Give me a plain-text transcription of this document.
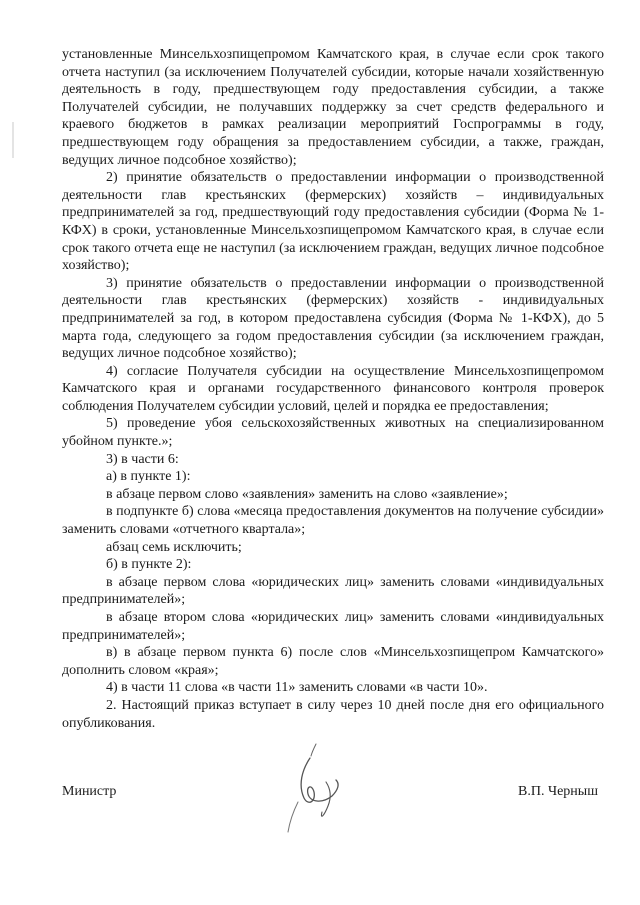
установленные Минсельхозпищепромом Камчатского края, в случае если срок такого отчета наступил (за исключением Получателей субсидии, которые начали хозяйственную деятельность в году, предшествующем году предоставления субсидии, а также Получателей субсидии, не получавших поддержку за счет средств федерального и краевого бюджетов в рамках реализации мероприятий Госпрограммы в году, предшествующем году обращения за предоставлением субсидии, а также, граждан, ведущих личное подсобное хозяйство);

2) принятие обязательств о предоставлении информации о производственной деятельности глав крестьянских (фермерских) хозяйств – индивидуальных предпринимателей за год, предшествующий году предоставления субсидии (Форма № 1-КФХ) в сроки, установленные Минсельхозпищепромом Камчатского края, в случае если срок такого отчета еще не наступил (за исключением граждан, ведущих личное подсобное хозяйство);

3) принятие обязательств о предоставлении информации о производственной деятельности глав крестьянских (фермерских) хозяйств - индивидуальных предпринимателей за год, в котором предоставлена субсидия (Форма № 1-КФХ), до 5 марта года, следующего за годом предоставления субсидии (за исключением граждан, ведущих личное подсобное хозяйство);

4) согласие Получателя субсидии на осуществление Минсельхозпищепромом Камчатского края и органами государственного финансового контроля проверок соблюдения Получателем субсидии условий, целей и порядка ее предоставления;

5) проведение убоя сельскохозяйственных животных на специализированном убойном пункте.»;

3) в части 6:

а) в пункте 1):

в абзаце первом слово «заявления» заменить на слово «заявление»;

в подпункте б) слова «месяца предоставления документов на получение субсидии» заменить словами «отчетного квартала»;

абзац семь исключить;

б) в пункте 2):

в абзаце первом слова «юридических лиц» заменить словами «индивидуальных предпринимателей»;

в абзаце втором слова «юридических лиц» заменить словами «индивидуальных предпринимателей»;

в) в абзаце первом пункта 6) после слов «Минсельхозпищепром Камчатского» дополнить словом «края»;

4) в части 11 слова «в части 11» заменить словами «в части 10».

2. Настоящий приказ вступает в силу через 10 дней после дня его официального опубликования.

Министр	В.П. Черныш
